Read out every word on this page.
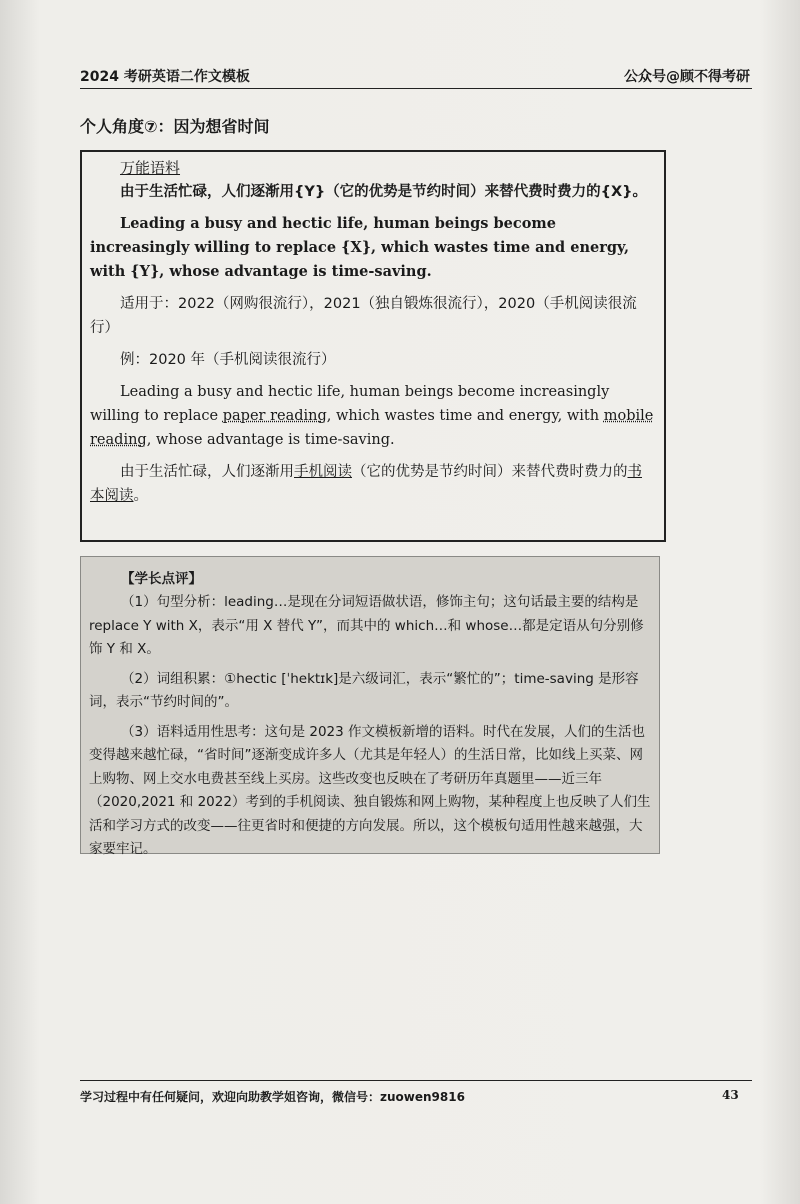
2024 考研英语二作文模板	公众号@顾不得考研
个人角度⑦：因为想省时间
万能语料

由于生活忙碌，人们逐渐用{Y}（它的优势是节约时间）来替代费时费力的{X}。

Leading a busy and hectic life, human beings become increasingly willing to replace {X}, which wastes time and energy, with {Y}, whose advantage is time-saving.

适用于：2022（网购很流行），2021（独自锻炼很流行），2020（手机阅读很流行）

例：2020 年（手机阅读很流行）

Leading a busy and hectic life, human beings become increasingly willing to replace paper reading, which wastes time and energy, with mobile reading, whose advantage is time-saving.

由于生活忙碌，人们逐渐用手机阅读（它的优势是节约时间）来替代费时费力的书本阅读。

【学长点评】

（1）句型分析：leading…是现在分词短语做状语，修饰主句；这句话最主要的结构是 replace Y with X，表示“用 X 替代 Y”，而其中的 which…和 whose…都是定语从句分别修饰 Y 和 X。

（2）词组积累：①hectic [ˈhektɪk]是六级词汇，表示“繁忙的”；time-saving 是形容词，表示“节约时间的”。

（3）语料适用性思考：这句是 2023 作文模板新增的语料。时代在发展，人们的生活也变得越来越忙碌，“省时间”逐渐变成许多人（尤其是年轻人）的生活日常，比如线上买菜、网上购物、网上交水电费甚至线上买房。这些改变也反映在了考研历年真题里——近三年（2020,2021 和 2022）考到的手机阅读、独自锻炼和网上购物，某种程度上也反映了人们生活和学习方式的改变——往更省时和便捷的方向发展。所以，这个模板句适用性越来越强，大家要牢记。

学习过程中有任何疑问，欢迎向助教学姐咨询，微信号：zuowen9816	43
